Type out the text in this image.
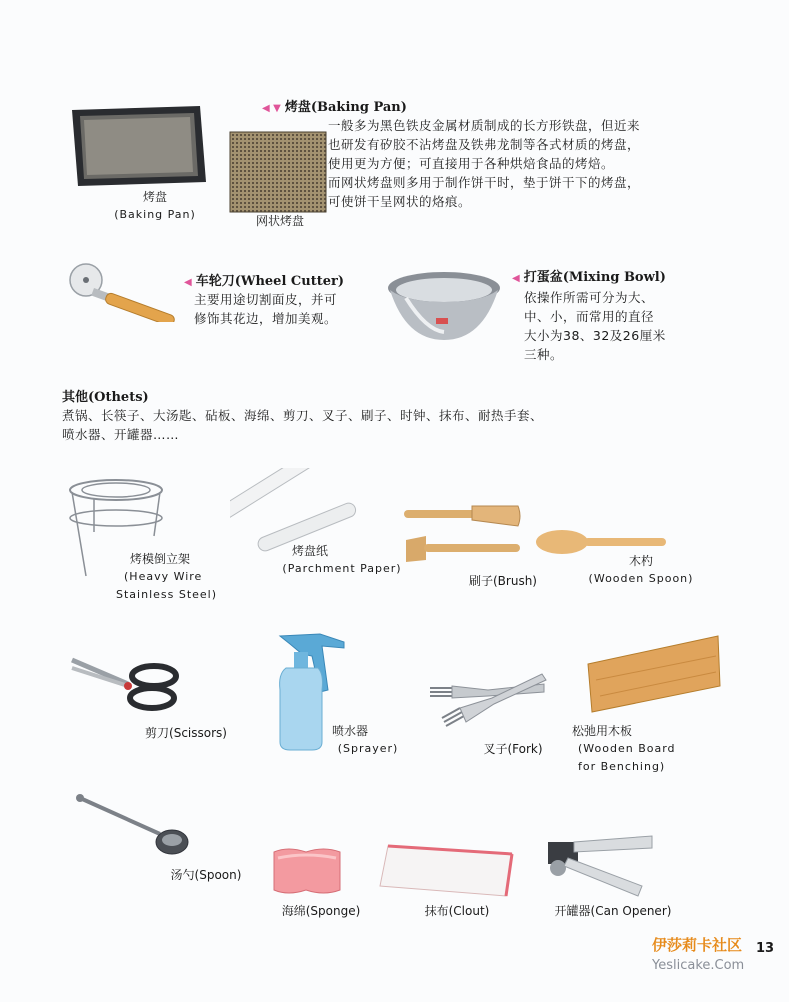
烤盘
(Baking Pan)	网状烤盘
◀ ▼ 烤盘(Baking Pan)
一般多为黑色铁皮金属材质制成的长方形铁盘，但近来
也研发有矽胶不沾烤盘及铁弗龙制等各式材质的烤盘，
使用更为方便；可直接用于各种烘焙食品的烤焙。
而网状烤盘则多用于制作饼干时，垫于饼干下的烤盘，
可使饼干呈网状的烙痕。
◀ 车轮刀(Wheel Cutter)
主要用途切割面皮，并可
修饰其花边，增加美观。
◀ 打蛋盆(Mixing Bowl)
依操作所需可分为大、
中、小，而常用的直径
大小为38、32及26厘米
三种。
其他(Othets)
煮锅、长筷子、大汤匙、砧板、海绵、剪刀、叉子、刷子、时钟、抹布、耐热手套、
喷水器、开罐器……
烤模倒立架
(Heavy Wire
Stainless Steel)
烤盘纸
(Parchment Paper)
刷子(Brush)
木杓
(Wooden Spoon)
剪刀(Scissors)	喷水器
(Sprayer)	叉子(Fork)
松弛用木板
(Wooden Board
for Benching)
汤勺(Spoon)
海绵(Sponge)	抹布(Clout)	开罐器(Can Opener)
伊莎莉卡社区 13
Yeslicake.Com
